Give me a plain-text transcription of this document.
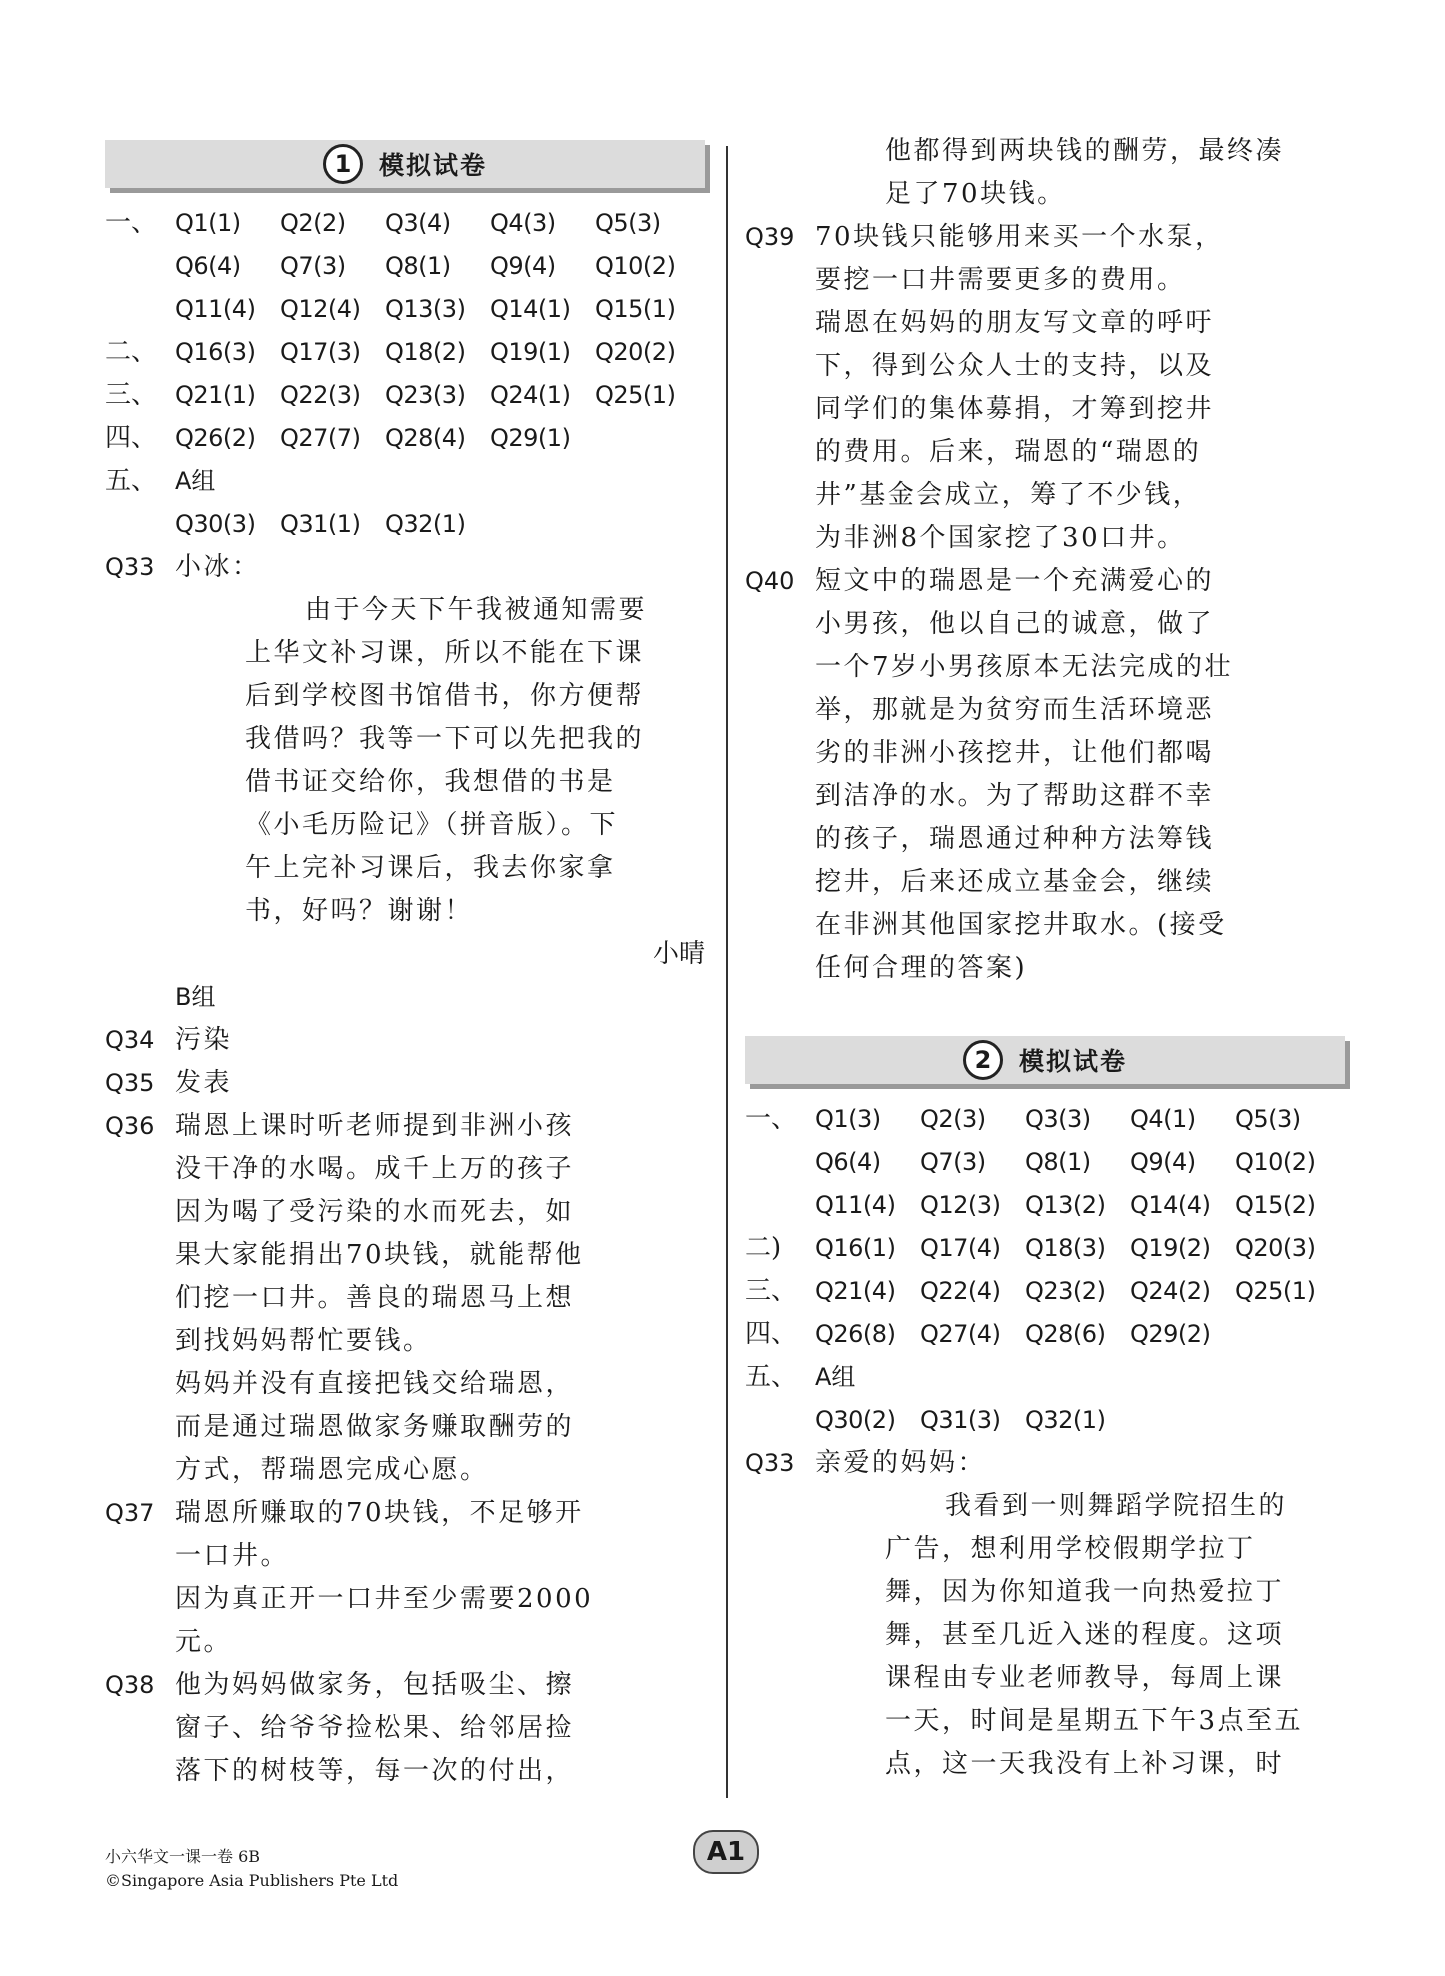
1	模拟试卷
一、 Q1(1)	Q2(2)	Q3(4)	Q4(3)	Q5(3)
Q6(4)	Q7(3)	Q8(1)	Q9(4)	Q10(2)
Q11(4)	Q12(4)	Q13(3)	Q14(1)	Q15(1)
二、 Q16(3)	Q17(3)	Q18(2)	Q19(1)	Q20(2)
三、 Q21(1)	Q22(3)	Q23(3)	Q24(1)	Q25(1)
四、 Q26(2)	Q27(7)	Q28(4)	Q29(1)
五、 A组
Q30(3)	Q31(1)	Q32(1)
Q33 小冰：
由于今天下午我被通知需要
上华文补习课，所以不能在下课
后到学校图书馆借书，你方便帮
我借吗？我等一下可以先把我的
借书证交给你，我想借的书是
《小毛历险记》（拼音版）。下
午上完补习课后，我去你家拿
书，好吗？谢谢！
小晴
B组
Q34 污染
Q35 发表
Q36 瑞恩上课时听老师提到非洲小孩
没干净的水喝。成千上万的孩子
因为喝了受污染的水而死去，如
果大家能捐出70块钱，就能帮他
们挖一口井。善良的瑞恩马上想
到找妈妈帮忙要钱。
妈妈并没有直接把钱交给瑞恩，
而是通过瑞恩做家务赚取酬劳的
方式，帮瑞恩完成心愿。
Q37 瑞恩所赚取的70块钱，不足够开
一口井。
因为真正开一口井至少需要2000
元。
Q38 他为妈妈做家务，包括吸尘、擦
窗子、给爷爷捡松果、给邻居捡
落下的树枝等，每一次的付出，
他都得到两块钱的酬劳，最终凑
足了70块钱。
Q39 70块钱只能够用来买一个水泵，
要挖一口井需要更多的费用。
瑞恩在妈妈的朋友写文章的呼吁
下，得到公众人士的支持，以及
同学们的集体募捐，才筹到挖井
的费用。后来，瑞恩的“瑞恩的
井”基金会成立，筹了不少钱，
为非洲8个国家挖了30口井。
Q40 短文中的瑞恩是一个充满爱心的
小男孩，他以自己的诚意，做了
一个7岁小男孩原本无法完成的壮
举，那就是为贫穷而生活环境恶
劣的非洲小孩挖井，让他们都喝
到洁净的水。为了帮助这群不幸
的孩子，瑞恩通过种种方法筹钱
挖井，后来还成立基金会，继续
在非洲其他国家挖井取水。(接受
任何合理的答案)
2	模拟试卷
一、 Q1(3)	Q2(3)	Q3(3)	Q4(1)	Q5(3)
Q6(4)	Q7(3)	Q8(1)	Q9(4)	Q10(2)
Q11(4)	Q12(3)	Q13(2)	Q14(4)	Q15(2)
二)	Q16(1)	Q17(4)	Q18(3)	Q19(2)	Q20(3)
三、 Q21(4)	Q22(4)	Q23(2)	Q24(2)	Q25(1)
四、 Q26(8)	Q27(4)	Q28(6)	Q29(2)
五、 A组
Q30(2)	Q31(3)	Q32(1)
Q33 亲爱的妈妈：
我看到一则舞蹈学院招生的
广告，想利用学校假期学拉丁
舞，因为你知道我一向热爱拉丁
舞，甚至几近入迷的程度。这项
课程由专业老师教导，每周上课
一天，时间是星期五下午3点至五
点，这一天我没有上补习课，时
A1
小六华文一课一卷 6B
©Singapore Asia Publishers Pte Ltd
